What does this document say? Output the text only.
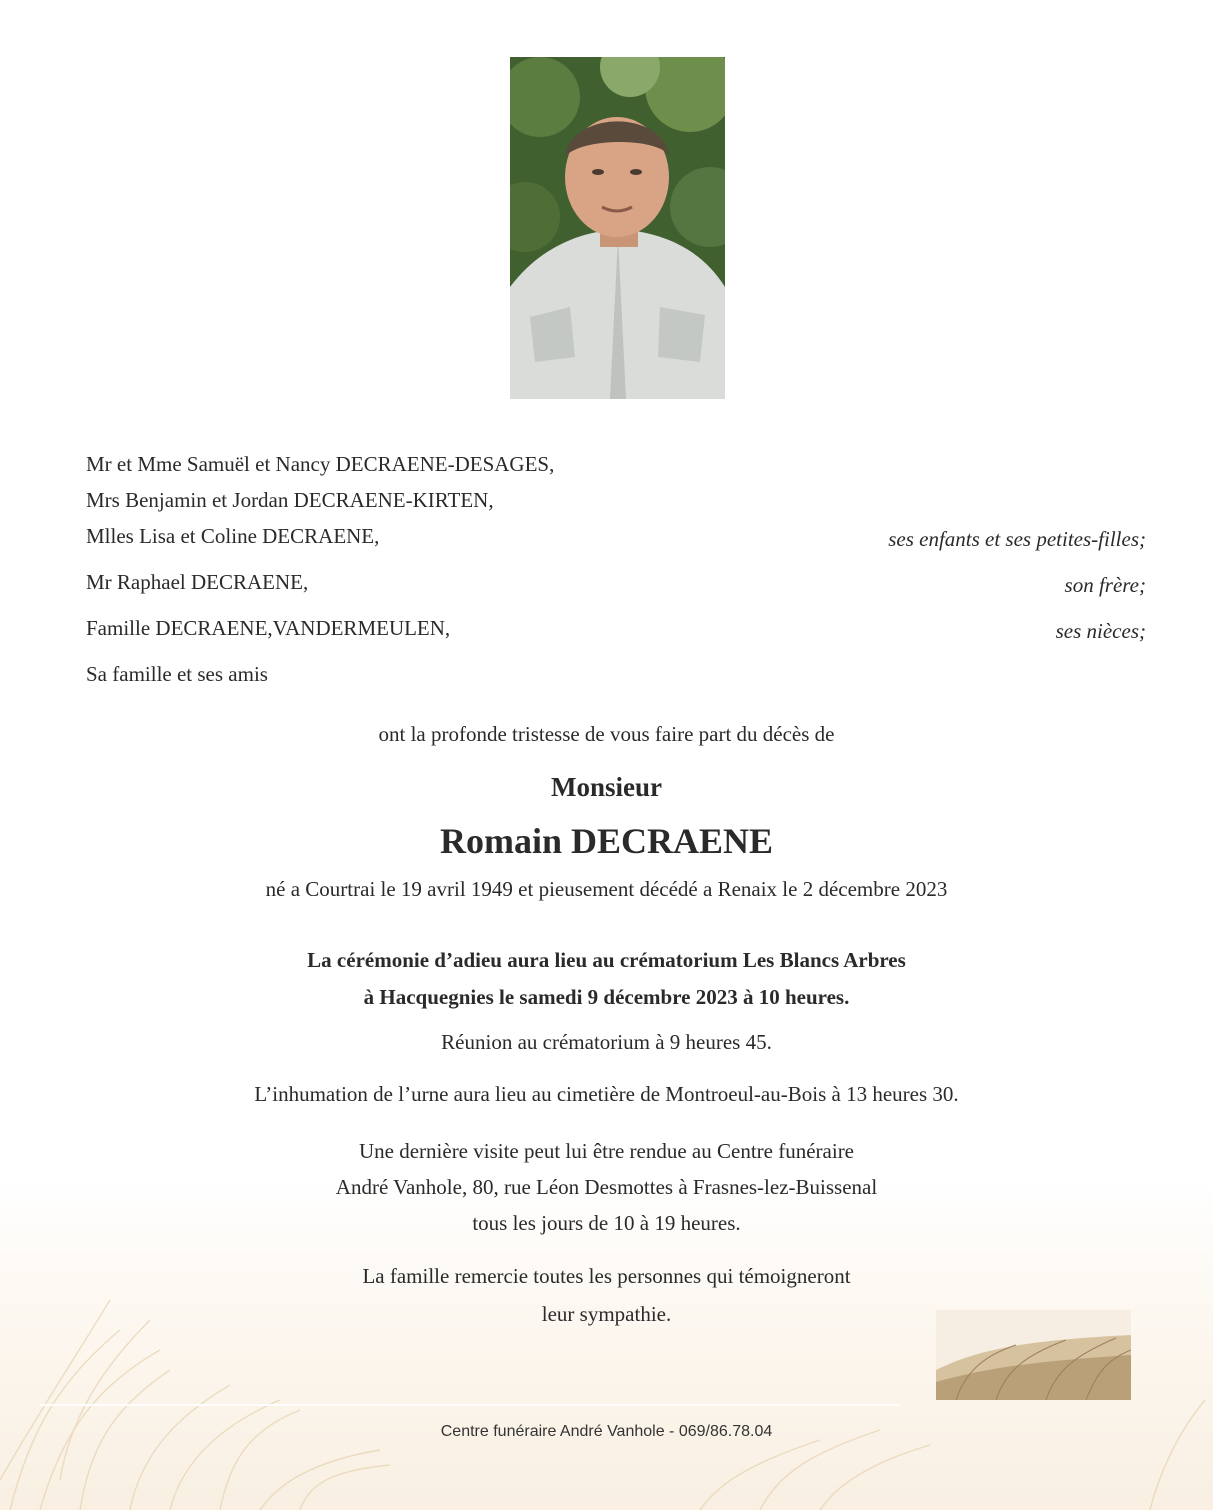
Mr et Mme Samuël et Nancy DECRAENE-DESAGES,
Mrs Benjamin et Jordan DECRAENE-KIRTEN,
Mlles Lisa et Coline DECRAENE,	ses enfants et ses petites-filles;
Mr Raphael DECRAENE,	son frère;
Famille DECRAENE,VANDERMEULEN,	ses nièces;
Sa famille et ses amis
ont la profonde tristesse de vous faire part du décès de
Monsieur
Romain DECRAENE
né a Courtrai le 19 avril 1949 et pieusement décédé a Renaix le 2 décembre 2023
La cérémonie d’adieu aura lieu au crématorium Les Blancs Arbres
à Hacquegnies le samedi 9 décembre 2023 à 10 heures.
Réunion au crématorium à 9 heures 45.
L’inhumation de l’urne aura lieu au cimetière de Montroeul-au-Bois à 13 heures 30.
Une dernière visite peut lui être rendue au Centre funéraire
André Vanhole, 80, rue Léon Desmottes à Frasnes-lez-Buissenal
tous les jours de 10 à 19 heures.
La famille remercie toutes les personnes qui témoigneront
leur sympathie.
Centre funéraire André Vanhole - 069/86.78.04
